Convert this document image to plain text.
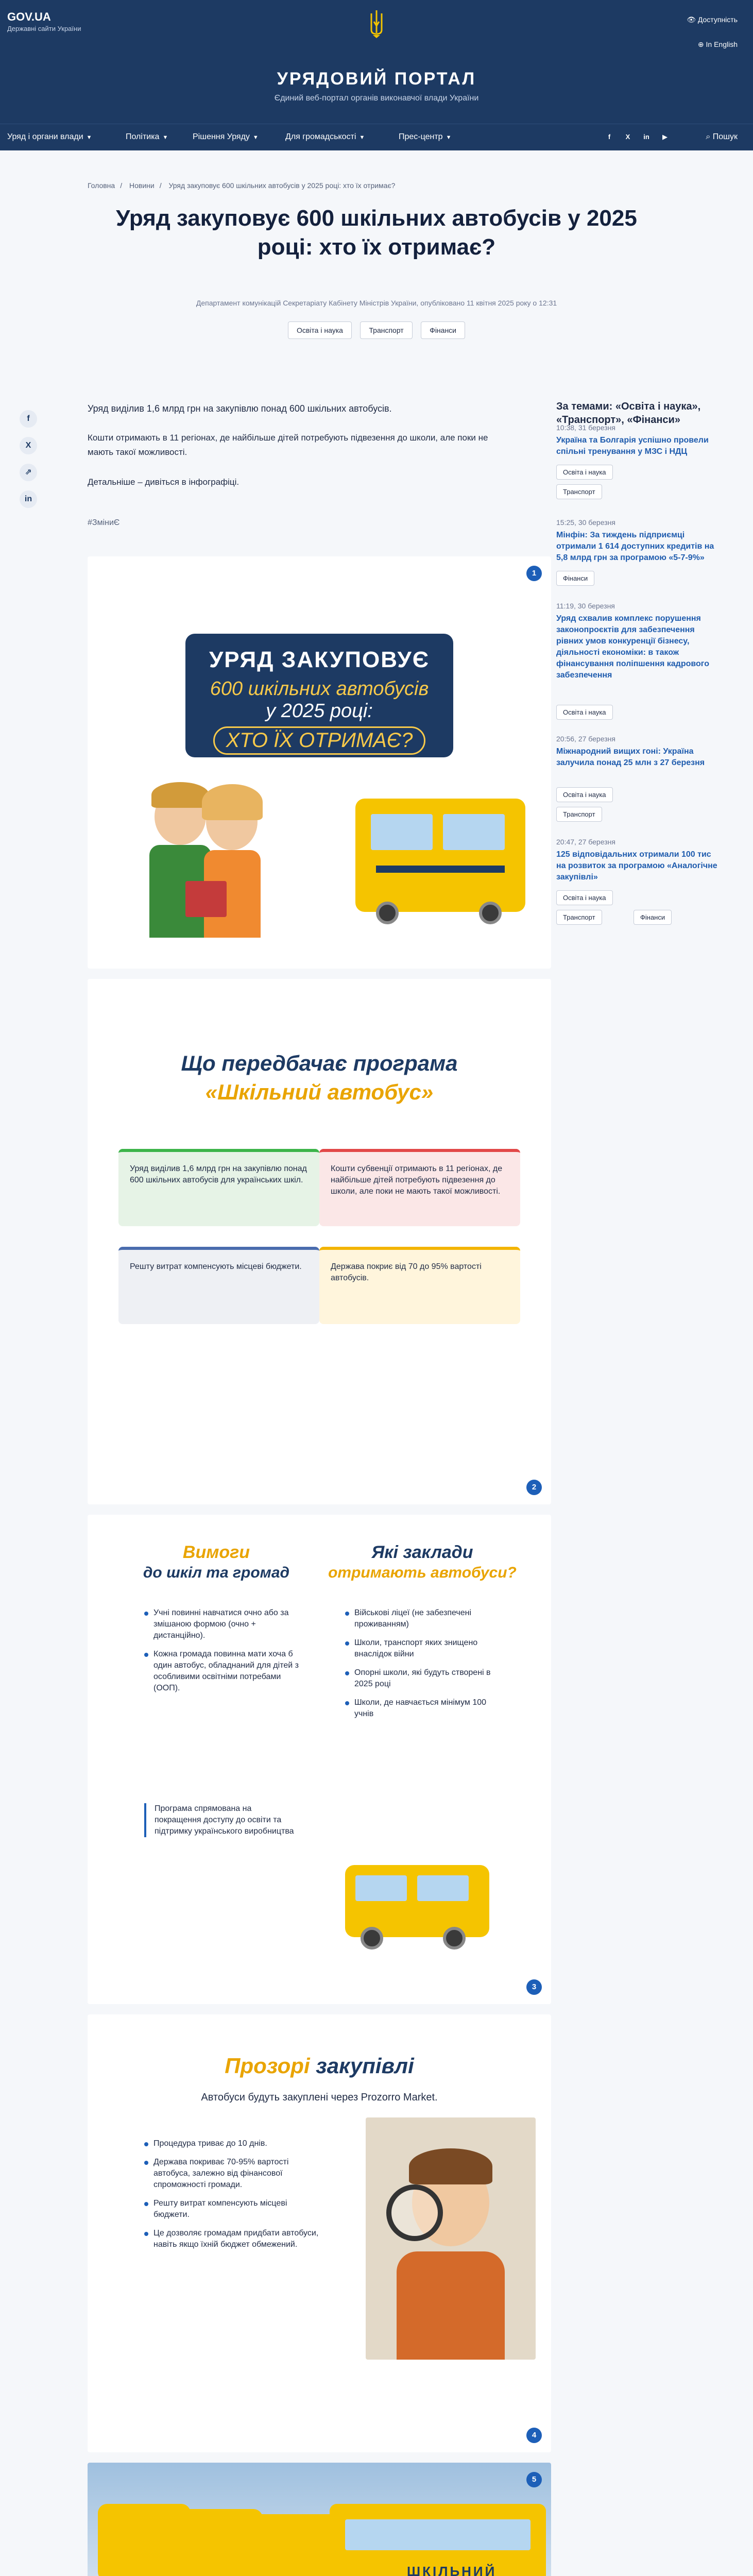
GOV.UA
Державні сайти України
👁 Доступність
⊕ In English
УРЯДОВИЙ ПОРТАЛ
Єдиний веб-портал органів виконавчої влади України
Уряд і органи влади ▼	Політика ▼	Рішення Уряду ▼	Для громадськості ▼	Прес-центр ▼	f	X	in	▶	⌕ Пошук
Головна / Новини / Уряд закуповує 600 шкільних автобусів у 2025 році: хто їх отримає?
Уряд закуповує 600 шкільних автобусів у 2025 році: хто їх отримає?
Департамент комунікацій Секретаріату Кабінету Міністрів України, опубліковано 11 квітня 2025 року о 12:31
Освіта і наука	Транспорт	Фінанси
f
X
⇗
in
Уряд виділив 1,6 млрд грн на закупівлю понад 600 шкільних автобусів.
Кошти отримають в 11 регіонах, де найбільше дітей потребують підвезення до школи, але поки не мають такої можливості.
Детальніше – дивіться в інфографіці.
#ЗміниЄ
За темами: «Освіта і наука», «Транспорт», «Фінанси»
10:38, 31 березня
Україна та Болгарія успішно провели спільні тренування у МЗС і НДЦ
Освіта і наука
Транспорт
15:25, 30 березня
Мінфін: За тиждень підприємці отримали 1 614 доступних кредитів на 5,8 млрд грн за програмою «5-7-9%»
Фінанси
11:19, 30 березня
Уряд схвалив комплекс порушення законопроєктів для забезпечення рівних умов конкуренції бізнесу, діяльності економіки: в також фінансування поліпшення кадрового забезпечення
Освіта і наука
20:56, 27 березня
Міжнародний вищих гоні: Україна залучила понад 25 млн з 27 березня
Освіта і наука
Транспорт
20:47, 27 березня
125 відповідальних отримали 100 тис на розвиток за програмою «Аналогічне закупівлі»
Освіта і наука
Транспорт	Фінанси
1
УРЯД ЗАКУПОВУЄ
600 шкільних автобусів
у 2025 році:
ХТО ЇХ ОТРИМАЄ?
Що передбачає програма
«Шкільний автобус»
Уряд виділив 1,6 млрд грн на закупівлю понад 600 шкільних автобусів для українських шкіл.
Кошти субвенції отримають в 11 регіонах, де найбільше дітей потребують підвезення до школи, але поки не мають такої можливості.
Решту витрат компенсують місцеві бюджети.	Держава покриє від 70 до 95% вартості автобусів.
2
Вимоги
до шкіл та громад
Які заклади
отримають автобуси?
Учні повинні навчатися очно або за змішаною формою (очно + дистанційно).
Кожна громада повинна мати хоча б один автобус, обладнаний для дітей з особливими освітніми потребами (ООП).
Військові ліцеї (не забезпечені проживанням)
Школи, транспорт яких знищено внаслідок війни
Опорні школи, які будуть створені в 2025 році
Школи, де навчається мінімум 100 учнів
Програма спрямована на покращення доступу до освіти та підтримку українського виробництва
3
Прозорі закупівлі
Автобуси будуть закуплені через Prozorro Market.
Процедура триває до 10 днів.
Держава покриває 70-95% вартості автобуса, залежно від фінансової спроможності громади.
Решту витрат компенсують місцеві бюджети.
Це дозволяє громадам придбати автобуси, навіть якщо їхній бюджет обмежений.
4
ШКІЛЬНИЙ
5
